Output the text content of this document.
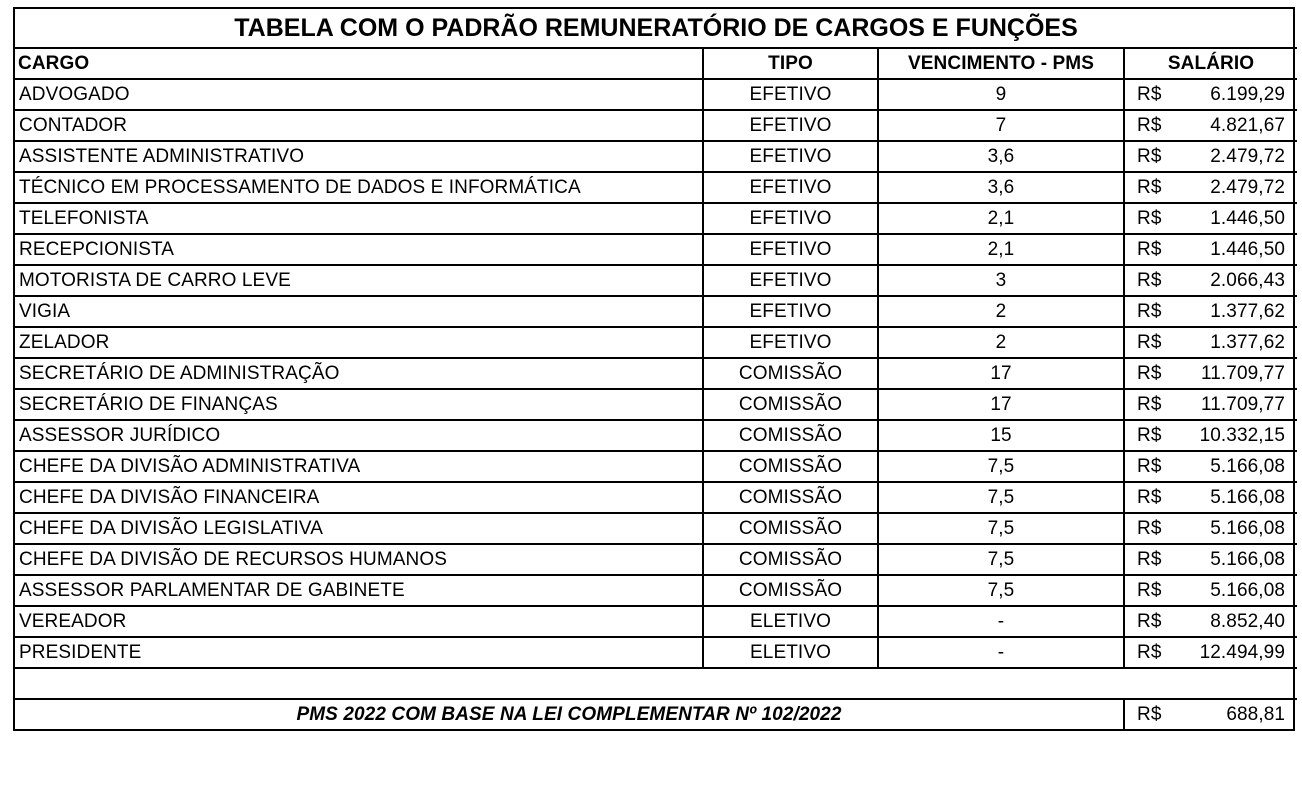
TABELA COM O PADRÃO REMUNERATÓRIO DE CARGOS E FUNÇÕES			
CARGO	TIPO	VENCIMENTO - PMS	SALÁRIO
ADVOGADO	EFETIVO	9	R$ 6.199,29

CONTADOR	EFETIVO	7	R$ 4.821,67

ASSISTENTE ADMINISTRATIVO	EFETIVO	3,6	R$ 2.479,72

TÉCNICO EM PROCESSAMENTO DE DADOS E INFORMÁTICA	EFETIVO	3,6	R$ 2.479,72

TELEFONISTA	EFETIVO	2,1	R$ 1.446,50

RECEPCIONISTA	EFETIVO	2,1	R$ 1.446,50

MOTORISTA DE CARRO LEVE	EFETIVO	3	R$ 2.066,43

VIGIA	EFETIVO	2	R$ 1.377,62

ZELADOR	EFETIVO	2	R$ 1.377,62

SECRETÁRIO DE ADMINISTRAÇÃO	COMISSÃO	17	R$ 11.709,77

SECRETÁRIO DE FINANÇAS	COMISSÃO	17	R$ 11.709,77

ASSESSOR JURÍDICO	COMISSÃO	15	R$ 10.332,15

CHEFE DA DIVISÃO ADMINISTRATIVA	COMISSÃO	7,5	R$ 5.166,08

CHEFE DA DIVISÃO FINANCEIRA	COMISSÃO	7,5	R$ 5.166,08

CHEFE DA DIVISÃO LEGISLATIVA	COMISSÃO	7,5	R$ 5.166,08

CHEFE DA DIVISÃO DE RECURSOS HUMANOS	COMISSÃO	7,5	R$ 5.166,08

ASSESSOR PARLAMENTAR DE GABINETE	COMISSÃO	7,5	R$ 5.166,08

VEREADOR	ELETIVO	-	R$ 8.852,40

PRESIDENTE	ELETIVO	-	R$ 12.494,99

PMS 2022 COM BASE NA LEI COMPLEMENTAR Nº 102/2022			R$ 688,81
